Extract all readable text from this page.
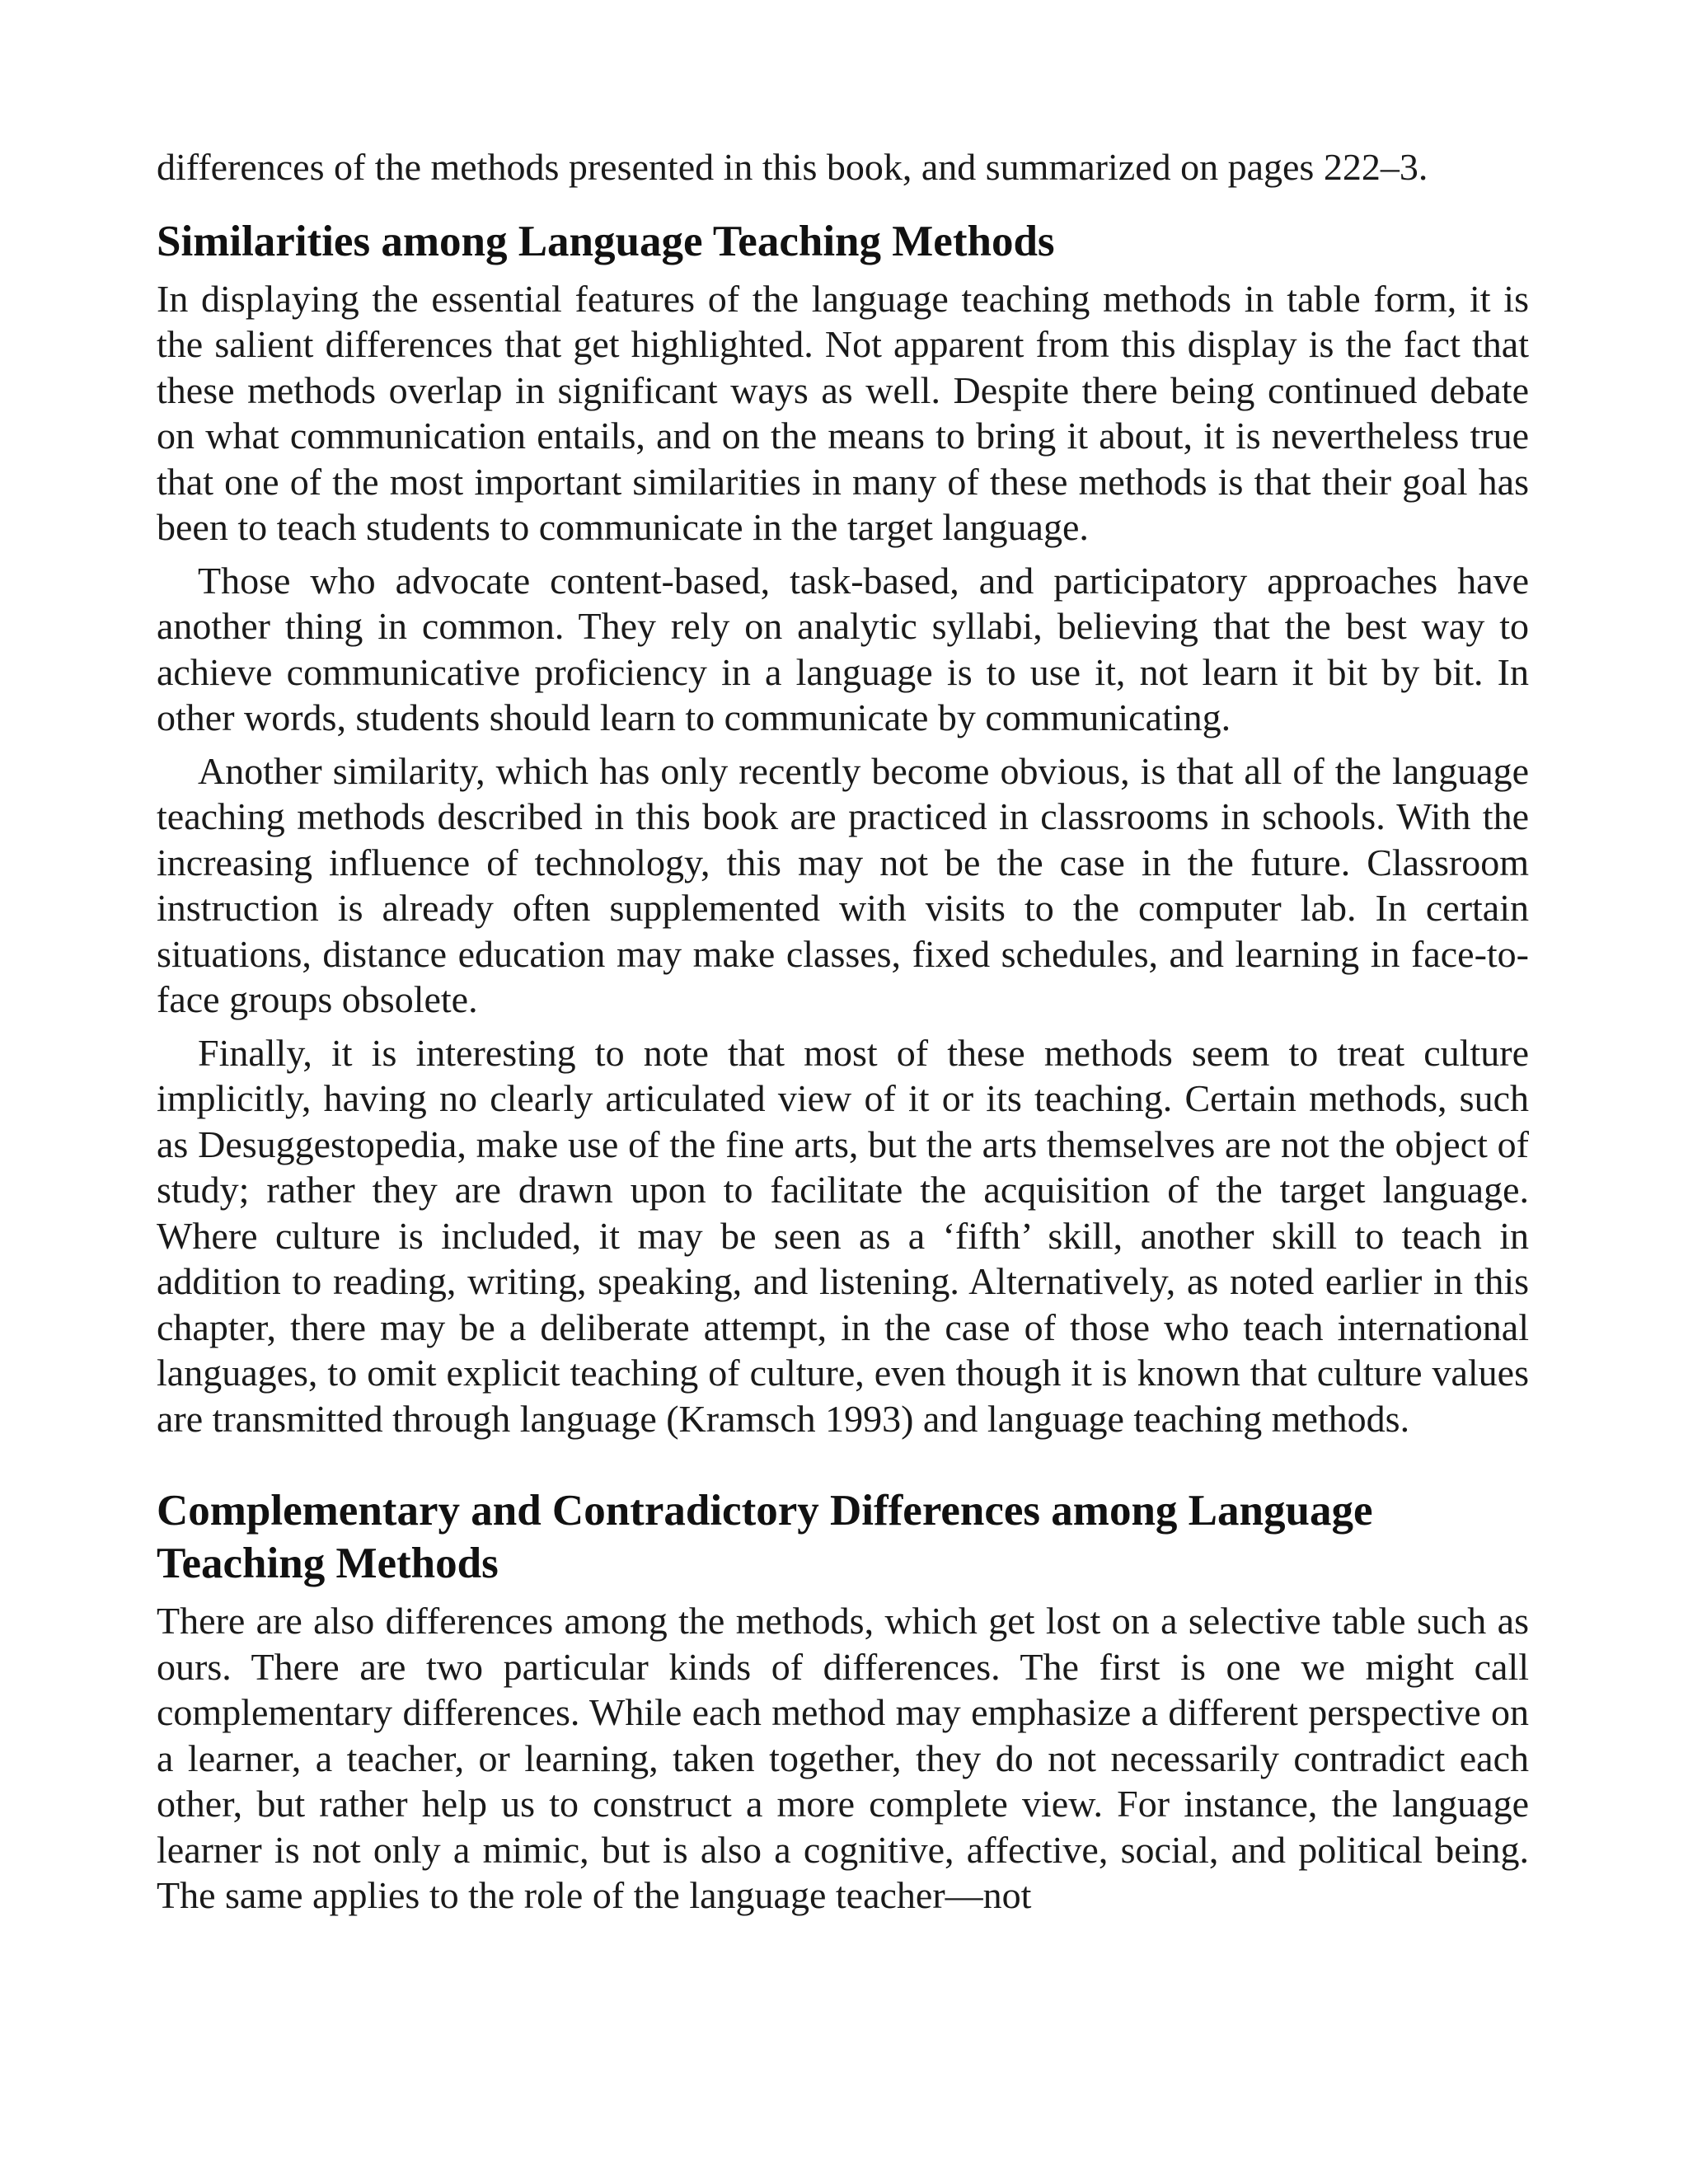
differences of the methods presented in this book, and summarized on pages 222–3.

Similarities among Language Teaching Methods

In displaying the essential features of the language teaching methods in table form, it is the salient differences that get highlighted. Not apparent from this display is the fact that these methods overlap in significant ways as well. Despite there being continued debate on what communication entails, and on the means to bring it about, it is nevertheless true that one of the most important similarities in many of these methods is that their goal has been to teach students to communicate in the target language.

Those who advocate content-based, task-based, and participatory approaches have another thing in common. They rely on analytic syllabi, believing that the best way to achieve communicative proficiency in a language is to use it, not learn it bit by bit. In other words, students should learn to communicate by communicating.

Another similarity, which has only recently become obvious, is that all of the language teaching methods described in this book are practiced in classrooms in schools. With the increasing influence of technology, this may not be the case in the future. Classroom instruction is already often supplemented with visits to the computer lab. In certain situations, distance education may make classes, fixed schedules, and learning in face-to-face groups obsolete.

Finally, it is interesting to note that most of these methods seem to treat culture implicitly, having no clearly articulated view of it or its teaching. Certain methods, such as Desuggestopedia, make use of the fine arts, but the arts themselves are not the object of study; rather they are drawn upon to facilitate the acquisition of the target language. Where culture is included, it may be seen as a ‘fifth’ skill, another skill to teach in addition to reading, writing, speaking, and listening. Alternatively, as noted earlier in this chapter, there may be a deliberate attempt, in the case of those who teach international languages, to omit explicit teaching of culture, even though it is known that culture values are transmitted through language (Kramsch 1993) and language teaching methods.

Complementary and Contradictory Differences among Language Teaching Methods

There are also differences among the methods, which get lost on a selective table such as ours. There are two particular kinds of differences. The first is one we might call complementary differences. While each method may emphasize a different perspective on a learner, a teacher, or learning, taken together, they do not necessarily contradict each other, but rather help us to construct a more complete view. For instance, the language learner is not only a mimic, but is also a cognitive, affective, social, and political being. The same applies to the role of the language teacher—not
